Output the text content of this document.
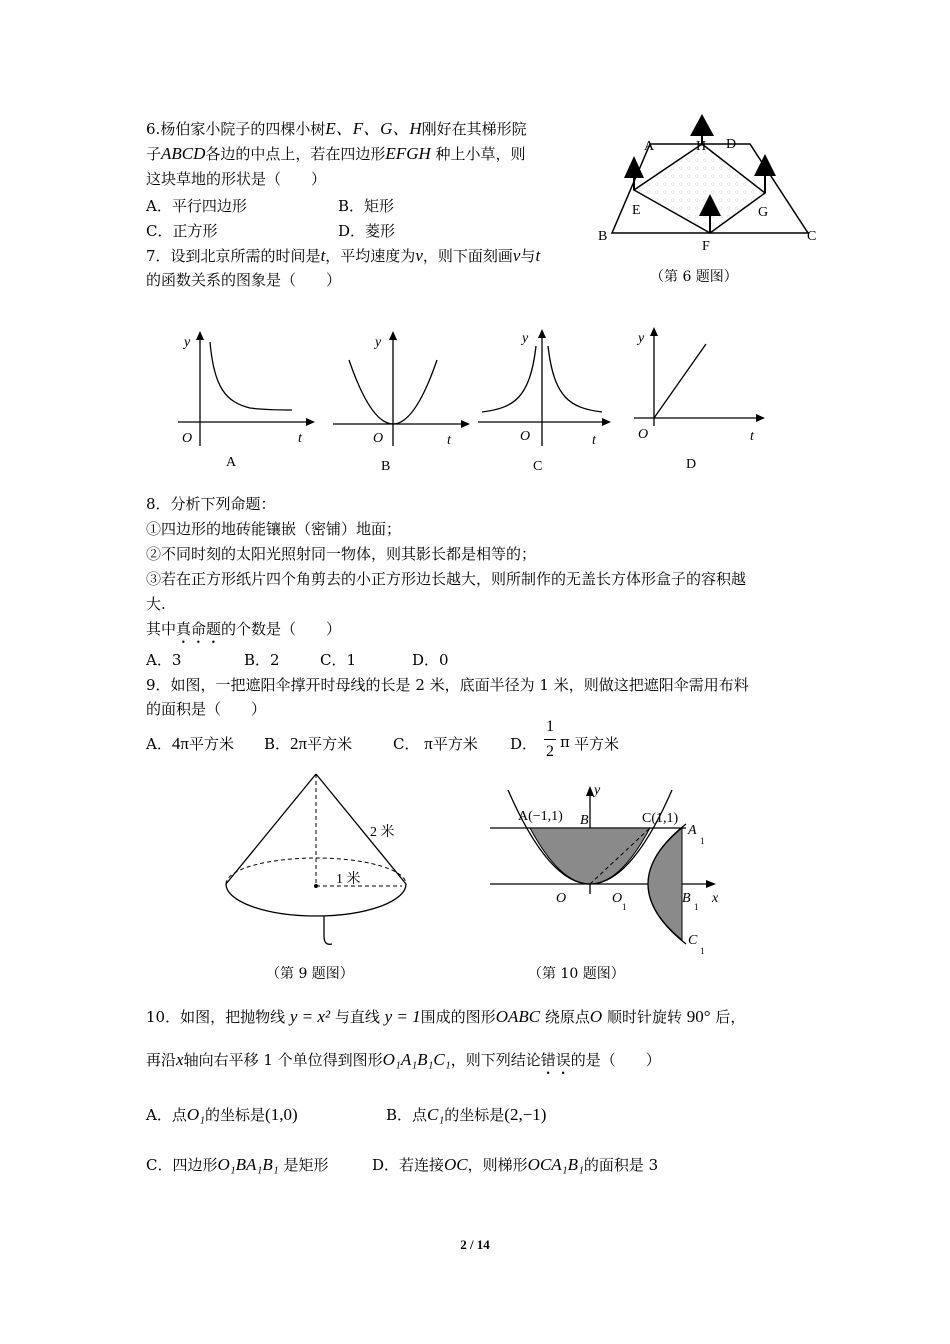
6.杨伯家小院子的四棵小树E、F、G、H刚好在其梯形院
子ABCD各边的中点上，若在四边形EFGH 种上小草，则
这块草地的形状是（　　）
A．平行四边形	B．矩形
C．正方形	D．菱形
A	H D
E	G
B
F
C
（第 6 题图）
7．设到北京所需的时间是t，平均速度为v，则下面刻画v与t
的函数关系的图象是（　　）
y
O	t
A
y
O	t
B
y
O	t
C
y
O	t
D
8．分析下列命题：
①四边形的地砖能镶嵌（密铺）地面；
②不同时刻的太阳光照射同一物体，则其影长都是相等的；
③若在正方形纸片四个角剪去的小正方形边长越大，则所制作的无盖长方体形盒子的容积越
大.
其中真命题的个数是（　　）
A．3	B．2	C．1	D．0
9．如图，一把遮阳伞撑开时母线的长是 2 米，底面半径为 1 米，则做这把遮阳伞需用布料
的面积是（　　）
A．4π平方米 B．2π平方米	C． π平方米 D．
1
2
π 平方米
2 米
1 米
（第 9 题图）
A(−1,1)	C(1,1)
B
y
x
O	O
1
B
1
A
1
C
1
（第 10 题图）
10．如图，把抛物线 y = x² 与直线 y = 1围成的图形OABC 绕原点O 顺时针旋转 90° 后，
再沿x轴向右平移 1 个单位得到图形O₁A₁B₁C₁，则下列结论错误的是（　　）
A．点O₁的坐标是(1,0)	B．点C₁的坐标是(2,−1)
C．四边形O₁BA₁B₁ 是矩形	D．若连接OC，则梯形OCA₁B₁的面积是 3
2 / 14
